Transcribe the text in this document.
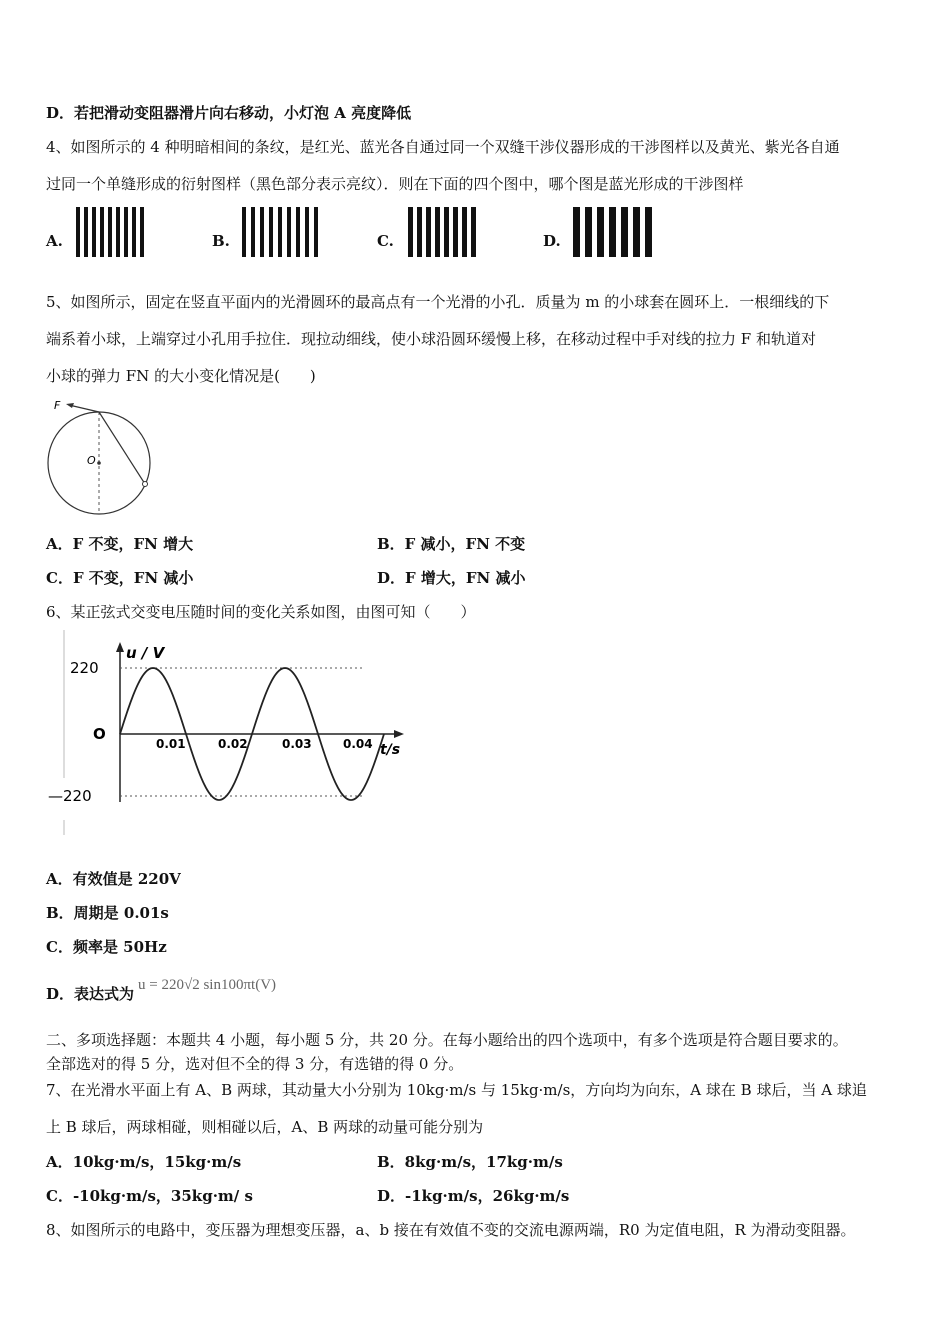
D．若把滑动变阻器滑片向右移动，小灯泡 A 亮度降低
4、如图所示的 4 种明暗相间的条纹，是红光、蓝光各自通过同一个双缝干涉仪器形成的干涉图样以及黄光、紫光各自通
过同一个单缝形成的衍射图样（黑色部分表示亮纹）．则在下面的四个图中，哪个图是蓝光形成的干涉图样
A.	B.	C.	D.
5、如图所示，固定在竖直平面内的光滑圆环的最高点有一个光滑的小孔．质量为 m 的小球套在圆环上．一根细线的下
端系着小球，上端穿过小孔用手拉住．现拉动细线，使小球沿圆环缓慢上移，在移动过程中手对线的拉力 F 和轨道对
小球的弹力 FN 的大小变化情况是(　　)
F
O
A．F 不变，FN 增大	B．F 减小，FN 不变
C．F 不变，FN 减小	D．F 增大，FN 减小
6、某正弦式交变电压随时间的变化关系如图，由图可知（　　）
u / V
t/s
220
O
—220
0.01	0.02	0.03	0.04
A．有效值是 220V
B．周期是 0.01s
C．频率是 50Hz
D．表达式为 u = 220√2 sin100πt(V)
二、多项选择题：本题共 4 小题，每小题 5 分，共 20 分。在每小题给出的四个选项中，有多个选项是符合题目要求的。
全部选对的得 5 分，选对但不全的得 3 分，有选错的得 0 分。
7、在光滑水平面上有 A、B 两球，其动量大小分别为 10kg·m/s 与 15kg·m/s，方向均为向东，A 球在 B 球后，当 A 球追
上 B 球后，两球相碰，则相碰以后，A、B 两球的动量可能分别为
A．10kg·m/s，15kg·m/s	B．8kg·m/s，17kg·m/s
C．-10kg·m/s，35kg·m/ s	D．-1kg·m/s，26kg·m/s
8、如图所示的电路中，变压器为理想变压器，a、b 接在有效值不变的交流电源两端，R0 为定值电阻，R 为滑动变阻器。
